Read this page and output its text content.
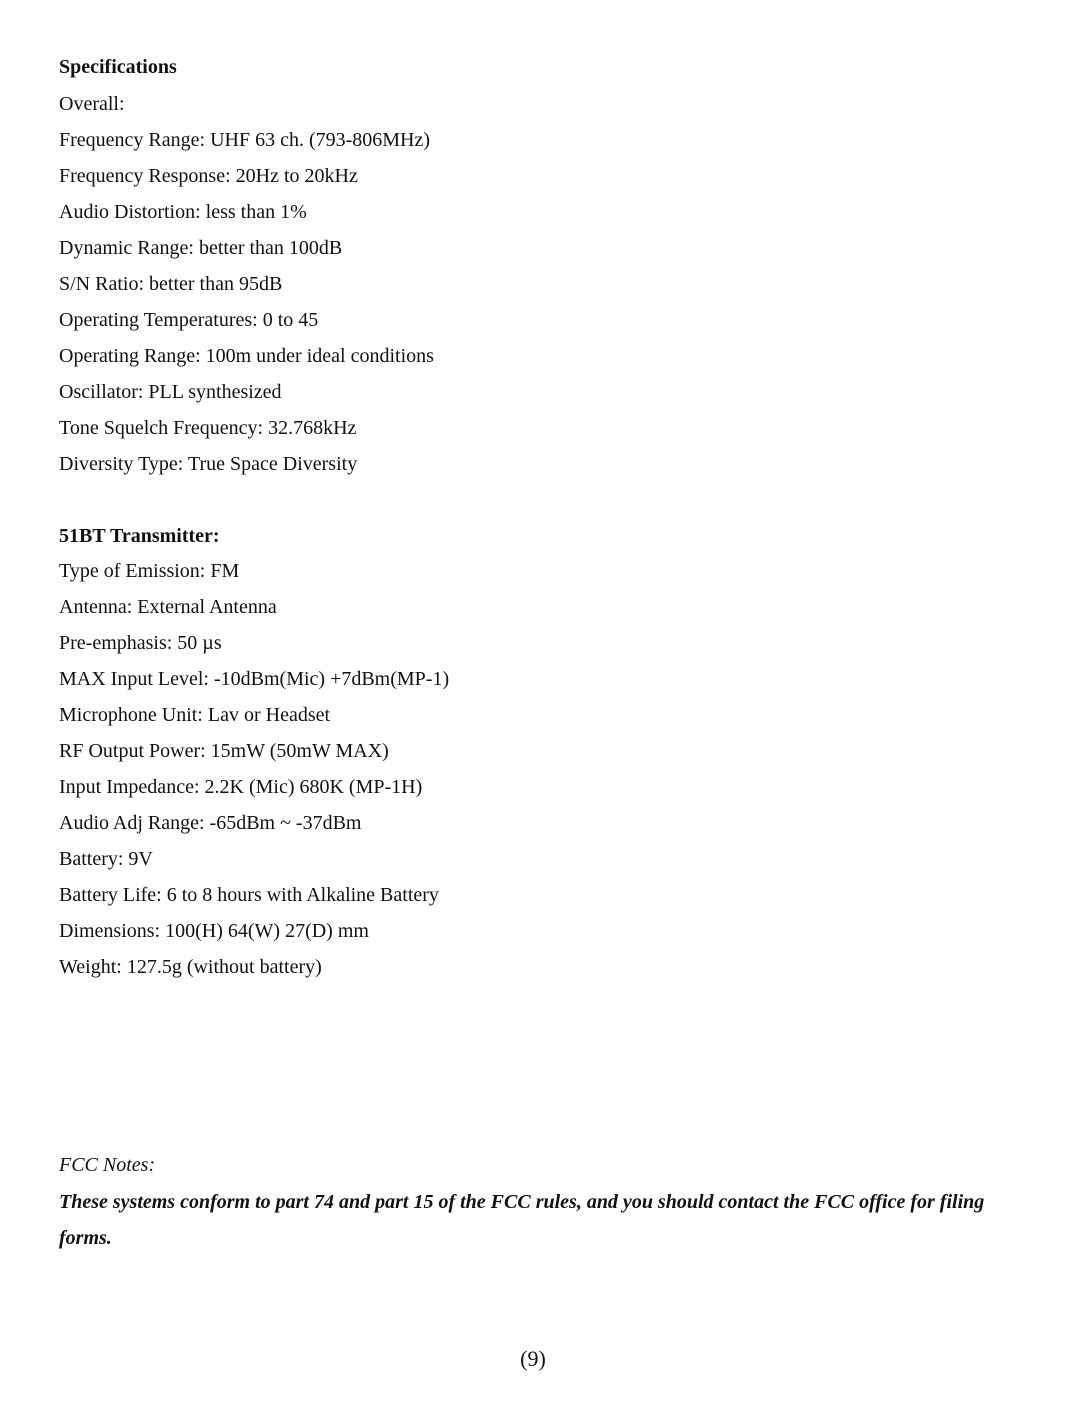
Specifications
Overall:
Frequency Range: UHF 63 ch. (793-806MHz)
Frequency Response: 20Hz to 20kHz
Audio Distortion: less than 1%
Dynamic Range: better than 100dB
S/N Ratio: better than 95dB
Operating Temperatures: 0 to 45
Operating Range: 100m under ideal conditions
Oscillator: PLL synthesized
Tone Squelch Frequency: 32.768kHz
Diversity Type: True Space Diversity
51BT Transmitter:
Type of Emission: FM
Antenna: External Antenna
Pre-emphasis: 50 µs
MAX Input Level: -10dBm(Mic) +7dBm(MP-1)
Microphone Unit: Lav or Headset
RF Output Power: 15mW (50mW MAX)
Input Impedance: 2.2K (Mic) 680K (MP-1H)
Audio Adj Range: -65dBm ~ -37dBm
Battery: 9V
Battery Life: 6 to 8 hours with Alkaline Battery
Dimensions: 100(H) 64(W) 27(D) mm
Weight: 127.5g (without battery)

FCC Notes:

These systems conform to part 74 and part 15 of the FCC rules, and you should contact the FCC office for filing forms.

(9)
